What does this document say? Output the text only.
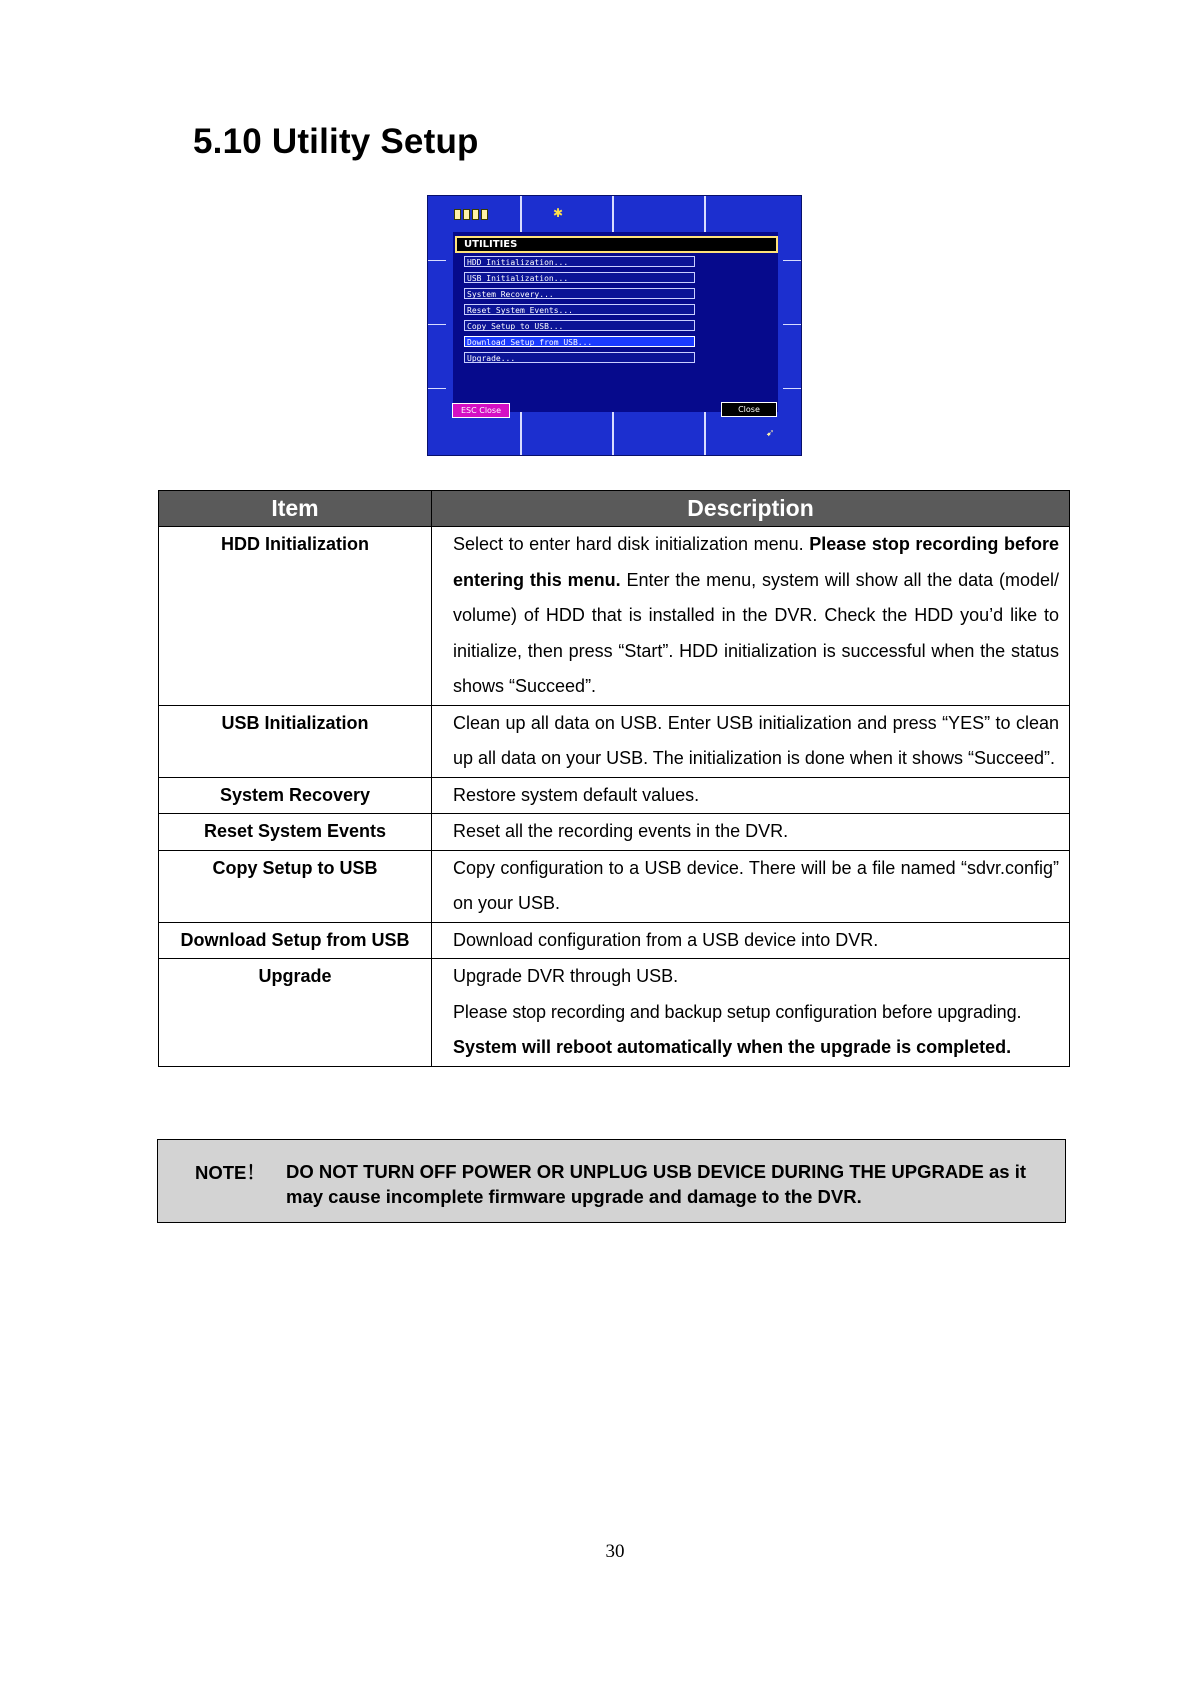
5.10 Utility Setup
✱
UTILITIES
HDD Initialization...
USB Initialization...
System Recovery...
Reset System Events...
Copy Setup to USB...
Download Setup from USB...
Upgrade...
ESC Close	Close
➹
Item	Description
HDD Initialization	Select to enter hard disk initialization menu. Please stop recording before entering this menu. Enter the menu, system will show all the data (model/ volume) of HDD that is installed in the DVR. Check the HDD you’d like to initialize, then press “Start”. HDD initialization is successful when the status shows “Succeed”.
USB Initialization	Clean up all data on USB. Enter USB initialization and press “YES” to clean up all data on your USB. The initialization is done when it shows “Succeed”.
System Recovery	Restore system default values.
Reset System Events	Reset all the recording events in the DVR.
Copy Setup to USB	Copy configuration to a USB device. There will be a file named “sdvr.config” on your USB.
Download Setup from USB	Download configuration from a USB device into DVR.
Upgrade	Upgrade DVR through USB.
Please stop recording and backup setup configuration before upgrading.
System will reboot automatically when the upgrade is completed.
NOTE！ DO NOT TURN OFF POWER OR UNPLUG USB DEVICE DURING THE UPGRADE as it may cause incomplete firmware upgrade and damage to the DVR.
30
